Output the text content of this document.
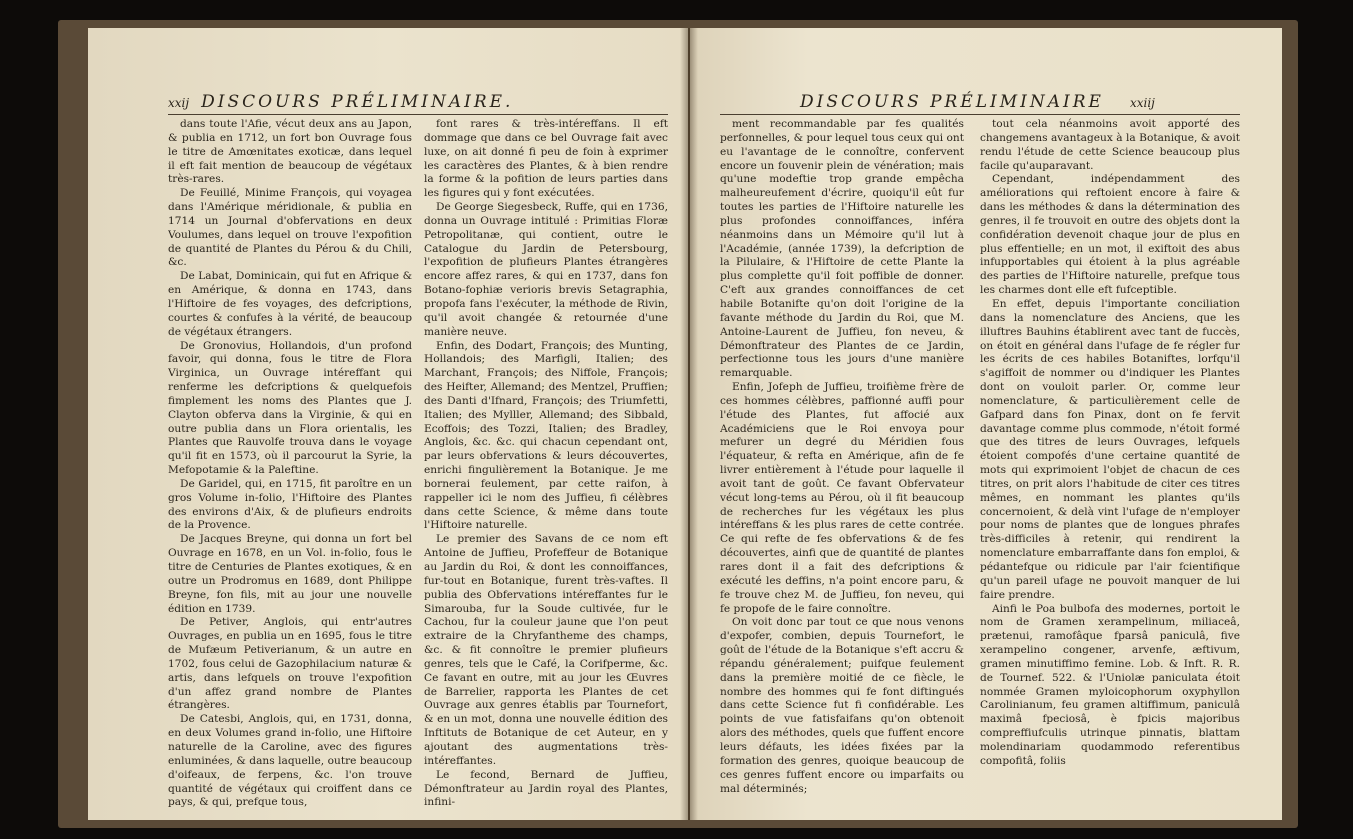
xxij DISCOURS PRÉLIMINAIRE.

dans toute l'Afie, vécut deux ans au Japon, & publia en 1712, un fort bon Ouvrage fous le titre de Amœnitates exoticæ, dans lequel il eft fait mention de beaucoup de végétaux très-rares.

De Feuillé, Minime François, qui voyagea dans l'Amérique méridionale, & publia en 1714 un Journal d'obfervations en deux Voulumes, dans lequel on trouve l'expofition de quantité de Plantes du Pérou & du Chili, &c.

De Labat, Dominicain, qui fut en Afrique & en Amérique, & donna en 1743, dans l'Hiftoire de fes voyages, des defcriptions, courtes & confufes à la vérité, de beaucoup de végétaux étrangers.

De Gronovius, Hollandois, d'un profond favoir, qui donna, fous le titre de Flora Virginica, un Ouvrage intéreffant qui renferme les defcriptions & quelquefois fimplement les noms des Plantes que J. Clayton obferva dans la Virginie, & qui en outre publia dans un Flora orientalis, les Plantes que Rauvolfe trouva dans le voyage qu'il fit en 1573, où il parcourut la Syrie, la Mefopotamie & la Paleftine.

De Garidel, qui, en 1715, fit paroître en un gros Volume in-folio, l'Hiftoire des Plantes des environs d'Aix, & de plufieurs endroits de la Provence.

De Jacques Breyne, qui donna un fort bel Ouvrage en 1678, en un Vol. in-folio, fous le titre de Centuries de Plantes exotiques, & en outre un Prodromus en 1689, dont Philippe Breyne, fon fils, mit au jour une nouvelle édition en 1739.

De Petiver, Anglois, qui entr'autres Ouvrages, en publia un en 1695, fous le titre de Mufæum Petiverianum, & un autre en 1702, fous celui de Gazophilacium naturæ & artis, dans lefquels on trouve l'expofition d'un affez grand nombre de Plantes étrangères.

De Catesbi, Anglois, qui, en 1731, donna, en deux Volumes grand in-folio, une Hiftoire naturelle de la Caroline, avec des figures enluminées, & dans laquelle, outre beaucoup d'oifeaux, de ferpens, &c. l'on trouve quantité de végétaux qui croiffent dans ce pays, & qui, prefque tous,

font rares & très-intéreffans. Il eft dommage que dans ce bel Ouvrage fait avec luxe, on ait donné fi peu de foin à exprimer les caractères des Plantes, & à bien rendre la forme & la pofition de leurs parties dans les figures qui y font exécutées.

De George Siegesbeck, Ruffe, qui en 1736, donna un Ouvrage intitulé : Primitias Floræ Petropolitanæ, qui contient, outre le Catalogue du Jardin de Petersbourg, l'expofition de plufieurs Plantes étrangères encore affez rares, & qui en 1737, dans fon Botano-fophiæ verioris brevis Setagraphia, propofa fans l'exécuter, la méthode de Rivin, qu'il avoit changée & retournée d'une manière neuve.

Enfin, des Dodart, François; des Munting, Hollandois; des Marfigli, Italien; des Marchant, François; des Niffole, François; des Heifter, Allemand; des Mentzel, Pruffien; des Danti d'Ifnard, François; des Triumfetti, Italien; des Mylller, Allemand; des Sibbald, Ecoffois; des Tozzi, Italien; des Bradley, Anglois, &c. &c. qui chacun cependant ont, par leurs obfervations & leurs découvertes, enrichi fingulièrement la Botanique. Je me bornerai feulement, par cette raifon, à rappeller ici le nom des Juffieu, fi célèbres dans cette Science, & même dans toute l'Hiftoire naturelle.

Le premier des Savans de ce nom eft Antoine de Juffieu, Profeffeur de Botanique au Jardin du Roi, & dont les connoiffances, fur-tout en Botanique, furent très-vaftes. Il publia des Obfervations intéreffantes fur le Simarouba, fur la Soude cultivée, fur le Cachou, fur la couleur jaune que l'on peut extraire de la Chryfantheme des champs, &c. & fit connoître le premier plufieurs genres, tels que le Café, la Corifperme, &c. Ce favant en outre, mit au jour les Œuvres de Barrelier, rapporta les Plantes de cet Ouvrage aux genres établis par Tournefort, & en un mot, donna une nouvelle édition des Inftituts de Botanique de cet Auteur, en y ajoutant des augmentations très-intéreffantes.

Le fecond, Bernard de Juffieu, Démonftrateur au Jardin royal des Plantes, infini-

DISCOURS PRÉLIMINAIRE xxiij

ment recommandable par fes qualités perfonnelles, & pour lequel tous ceux qui ont eu l'avantage de le connoître, confervent encore un fouvenir plein de vénération; mais qu'une modeftie trop grande empêcha malheureufement d'écrire, quoiqu'il eût fur toutes les parties de l'Hiftoire naturelle les plus profondes connoiffances, inféra néanmoins dans un Mémoire qu'il lut à l'Académie, (année 1739), la defcription de la Pilulaire, & l'Hiftoire de cette Plante la plus complette qu'il foit poffible de donner. C'eft aux grandes connoiffances de cet habile Botanifte qu'on doit l'origine de la favante méthode du Jardin du Roi, que M. Antoine-Laurent de Juffieu, fon neveu, & Démonftrateur des Plantes de ce Jardin, perfectionne tous les jours d'une manière remarquable.

Enfin, Jofeph de Juffieu, troifième frère de ces hommes célèbres, paffionné auffi pour l'étude des Plantes, fut affocié aux Académiciens que le Roi envoya pour mefurer un degré du Méridien fous l'équateur, & refta en Amérique, afin de fe livrer entièrement à l'étude pour laquelle il avoit tant de goût. Ce favant Obfervateur vécut long-tems au Pérou, où il fit beaucoup de recherches fur les végétaux les plus intéreffans & les plus rares de cette contrée. Ce qui refte de fes obfervations & de fes découvertes, ainfi que de quantité de plantes rares dont il a fait des defcriptions & exécuté les deffins, n'a point encore paru, & fe trouve chez M. de Juffieu, fon neveu, qui fe propofe de le faire connoître.

On voit donc par tout ce que nous venons d'expofer, combien, depuis Tournefort, le goût de l'étude de la Botanique s'eft accru & répandu généralement; puifque feulement dans la première moitié de ce fiècle, le nombre des hommes qui fe font diftingués dans cette Science fut fi confidérable. Les points de vue fatisfaifans qu'on obtenoit alors des méthodes, quels que fuffent encore leurs défauts, les idées fixées par la formation des genres, quoique beaucoup de ces genres fuffent encore ou imparfaits ou mal déterminés;

tout cela néanmoins avoit apporté des changemens avantageux à la Botanique, & avoit rendu l'étude de cette Science beaucoup plus facile qu'auparavant.

Cependant, indépendamment des améliorations qui reftoient encore à faire & dans les méthodes & dans la détermination des genres, il fe trouvoit en outre des objets dont la confidération devenoit chaque jour de plus en plus effentielle; en un mot, il exiftoit des abus infupportables qui étoient à la plus agréable des parties de l'Hiftoire naturelle, prefque tous les charmes dont elle eft fufceptible.

En effet, depuis l'importante conciliation dans la nomenclature des Anciens, que les illuftres Bauhins établirent avec tant de fuccès, on étoit en général dans l'ufage de fe régler fur les écrits de ces habiles Botaniftes, lorfqu'il s'agiffoit de nommer ou d'indiquer les Plantes dont on vouloit parler. Or, comme leur nomenclature, & particulièrement celle de Gafpard dans fon Pinax, dont on fe fervit davantage comme plus commode, n'étoit formé que des titres de leurs Ouvrages, lefquels étoient compofés d'une certaine quantité de mots qui exprimoient l'objet de chacun de ces titres, on prit alors l'habitude de citer ces titres mêmes, en nommant les plantes qu'ils concernoient, & delà vint l'ufage de n'employer pour noms de plantes que de longues phrafes très-difficiles à retenir, qui rendirent la nomenclature embarraffante dans fon emploi, & pédantefque ou ridicule par l'air fcientifique qu'un pareil ufage ne pouvoit manquer de lui faire prendre.

Ainfi le Poa bulbofa des modernes, portoit le nom de Gramen xerampelinum, miliaceâ, prætenui, ramofâque fparsâ paniculâ, five xerampelino congener, arvenfe, æftivum, gramen minutiffimo femine. Lob. & Inft. R. R. de Tournef. 522. & l'Uniolæ paniculata étoit nommée Gramen myloicophorum oxyphyllon Carolinianum, feu gramen altiffimum, paniculâ maximâ fpeciosâ, è fpicis majoribus compreffiufculis utrinque pinnatis, blattam molendinariam quodammodo referentibus compofitâ, foliis
